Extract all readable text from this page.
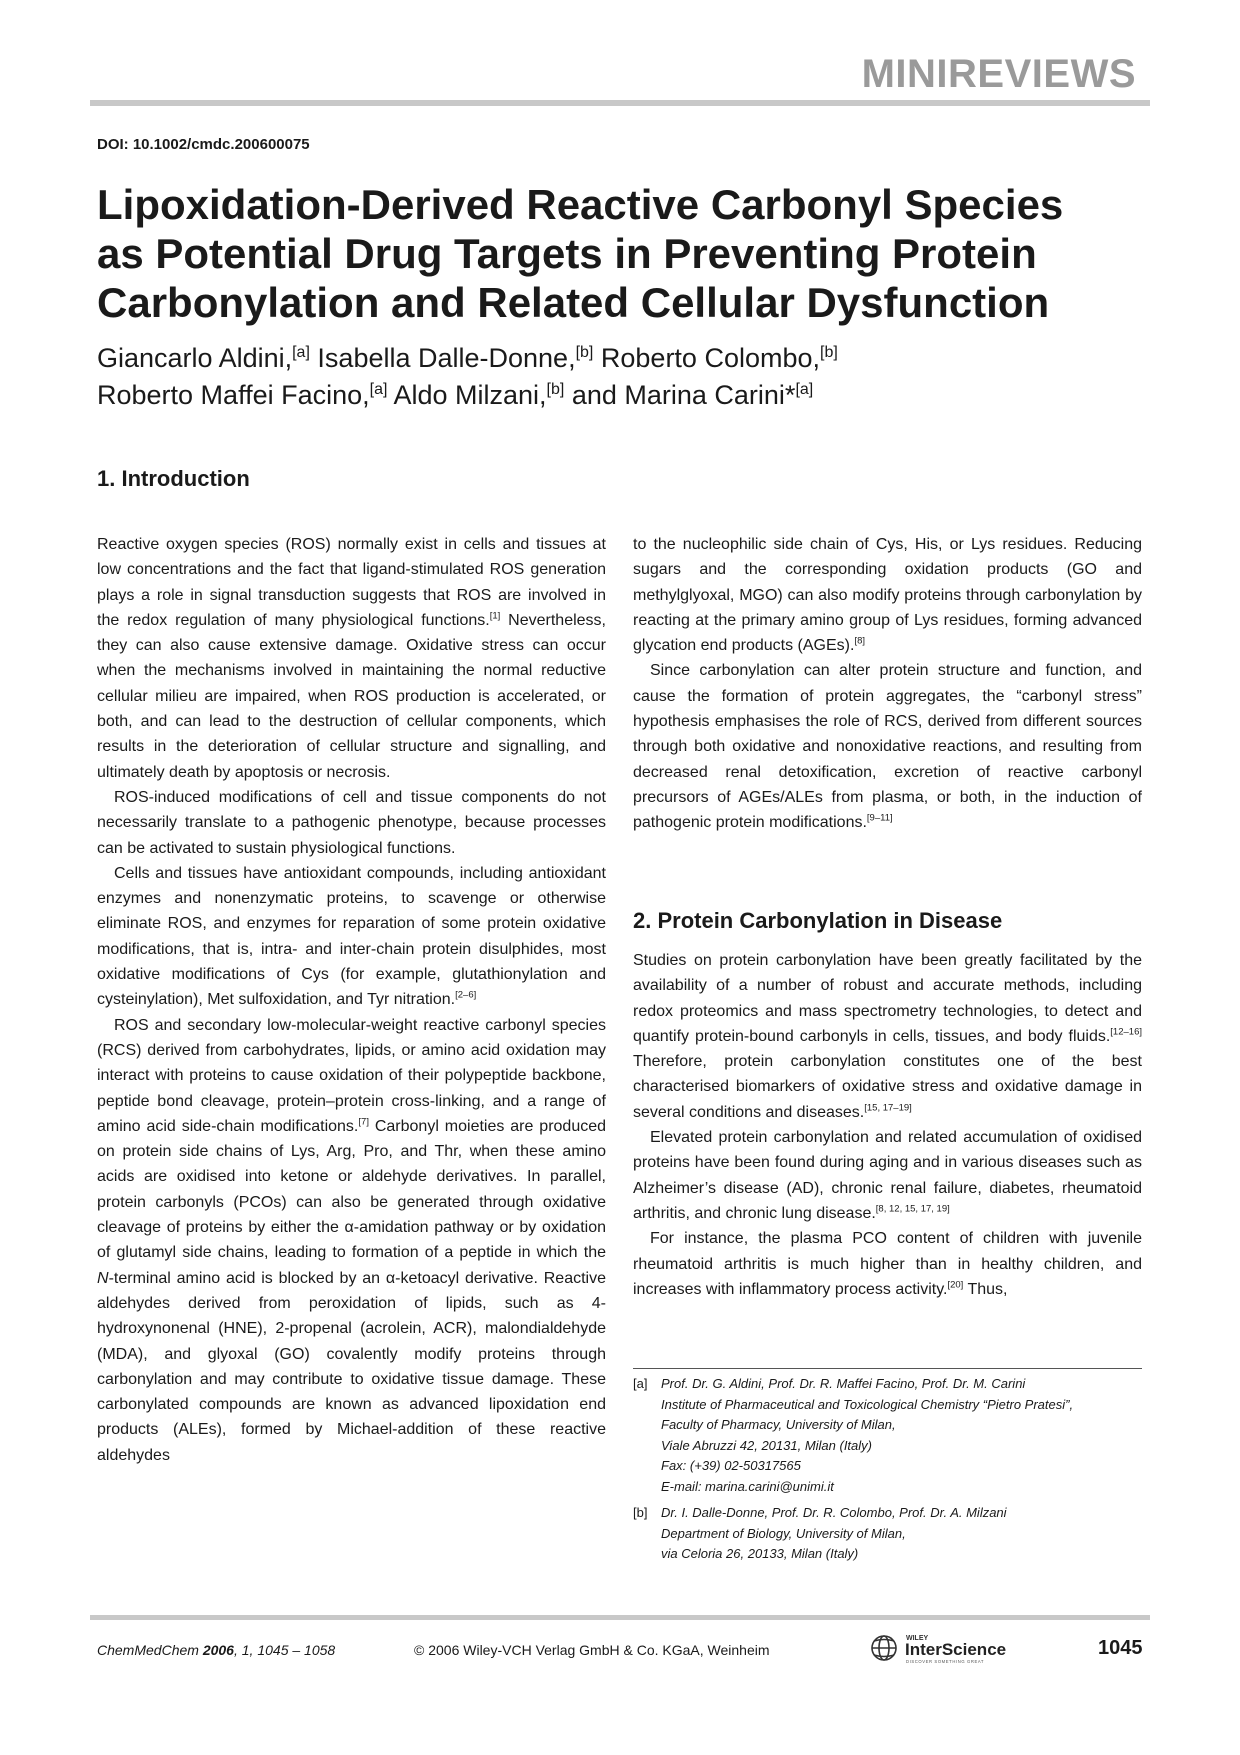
MINIREVIEWS
DOI: 10.1002/cmdc.200600075
Lipoxidation-Derived Reactive Carbonyl Species
as Potential Drug Targets in Preventing Protein
Carbonylation and Related Cellular Dysfunction

Giancarlo Aldini,[a] Isabella Dalle-Donne,[b] Roberto Colombo,[b]
Roberto Maffei Facino,[a] Aldo Milzani,[b] and Marina Carini*[a]

1. Introduction

Reactive oxygen species (ROS) normally exist in cells and tissues at low concentrations and the fact that ligand-stimulated ROS generation plays a role in signal transduction suggests that ROS are involved in the redox regulation of many physiological functions.[1] Nevertheless, they can also cause extensive damage. Oxidative stress can occur when the mechanisms involved in maintaining the normal reductive cellular milieu are impaired, when ROS production is accelerated, or both, and can lead to the destruction of cellular components, which results in the deterioration of cellular structure and signalling, and ultimately death by apoptosis or necrosis.

ROS-induced modifications of cell and tissue components do not necessarily translate to a pathogenic phenotype, because processes can be activated to sustain physiological functions.

Cells and tissues have antioxidant compounds, including antioxidant enzymes and nonenzymatic proteins, to scavenge or otherwise eliminate ROS, and enzymes for reparation of some protein oxidative modifications, that is, intra- and inter-chain protein disulphides, most oxidative modifications of Cys (for example, glutathionylation and cysteinylation), Met sulfoxidation, and Tyr nitration.[2–6]

ROS and secondary low-molecular-weight reactive carbonyl species (RCS) derived from carbohydrates, lipids, or amino acid oxidation may interact with proteins to cause oxidation of their polypeptide backbone, peptide bond cleavage, protein–protein cross-linking, and a range of amino acid side-chain modifications.[7] Carbonyl moieties are produced on protein side chains of Lys, Arg, Pro, and Thr, when these amino acids are oxidised into ketone or aldehyde derivatives. In parallel, protein carbonyls (PCOs) can also be generated through oxidative cleavage of proteins by either the α-amidation pathway or by oxidation of glutamyl side chains, leading to formation of a peptide in which the N-terminal amino acid is blocked by an α-ketoacyl derivative. Reactive aldehydes derived from peroxidation of lipids, such as 4-hydroxynonenal (HNE), 2-propenal (acrolein, ACR), malondialdehyde (MDA), and glyoxal (GO) covalently modify proteins through carbonylation and may contribute to oxidative tissue damage. These carbonylated compounds are known as advanced lipoxidation end products (ALEs), formed by Michael-addition of these reactive aldehydes

to the nucleophilic side chain of Cys, His, or Lys residues. Reducing sugars and the corresponding oxidation products (GO and methylglyoxal, MGO) can also modify proteins through carbonylation by reacting at the primary amino group of Lys residues, forming advanced glycation end products (AGEs).[8]

Since carbonylation can alter protein structure and function, and cause the formation of protein aggregates, the “carbonyl stress” hypothesis emphasises the role of RCS, derived from different sources through both oxidative and nonoxidative reactions, and resulting from decreased renal detoxification, excretion of reactive carbonyl precursors of AGEs/ALEs from plasma, or both, in the induction of pathogenic protein modifications.[9–11]

2. Protein Carbonylation in Disease

Studies on protein carbonylation have been greatly facilitated by the availability of a number of robust and accurate methods, including redox proteomics and mass spectrometry technologies, to detect and quantify protein-bound carbonyls in cells, tissues, and body fluids.[12–16] Therefore, protein carbonylation constitutes one of the best characterised biomarkers of oxidative stress and oxidative damage in several conditions and diseases.[15, 17–19]

Elevated protein carbonylation and related accumulation of oxidised proteins have been found during aging and in various diseases such as Alzheimer’s disease (AD), chronic renal failure, diabetes, rheumatoid arthritis, and chronic lung disease.[8, 12, 15, 17, 19]

For instance, the plasma PCO content of children with juvenile rheumatoid arthritis is much higher than in healthy children, and increases with inflammatory process activity.[20] Thus,

[a]	Prof. Dr. G. Aldini, Prof. Dr. R. Maffei Facino, Prof. Dr. M. Carini
Institute of Pharmaceutical and Toxicological Chemistry “Pietro Pratesi”,
Faculty of Pharmacy, University of Milan,
Viale Abruzzi 42, 20131, Milan (Italy)
Fax: (+39) 02-50317565
E-mail: marina.carini@unimi.it
[b]	Dr. I. Dalle-Donne, Prof. Dr. R. Colombo, Prof. Dr. A. Milzani
Department of Biology, University of Milan,
via Celoria 26, 20133, Milan (Italy)
ChemMedChem 2006, 1, 1045 – 1058	© 2006 Wiley-VCH Verlag GmbH & Co. KGaA, Weinheim
WILEY
InterScience
DISCOVER SOMETHING GREAT
1045
